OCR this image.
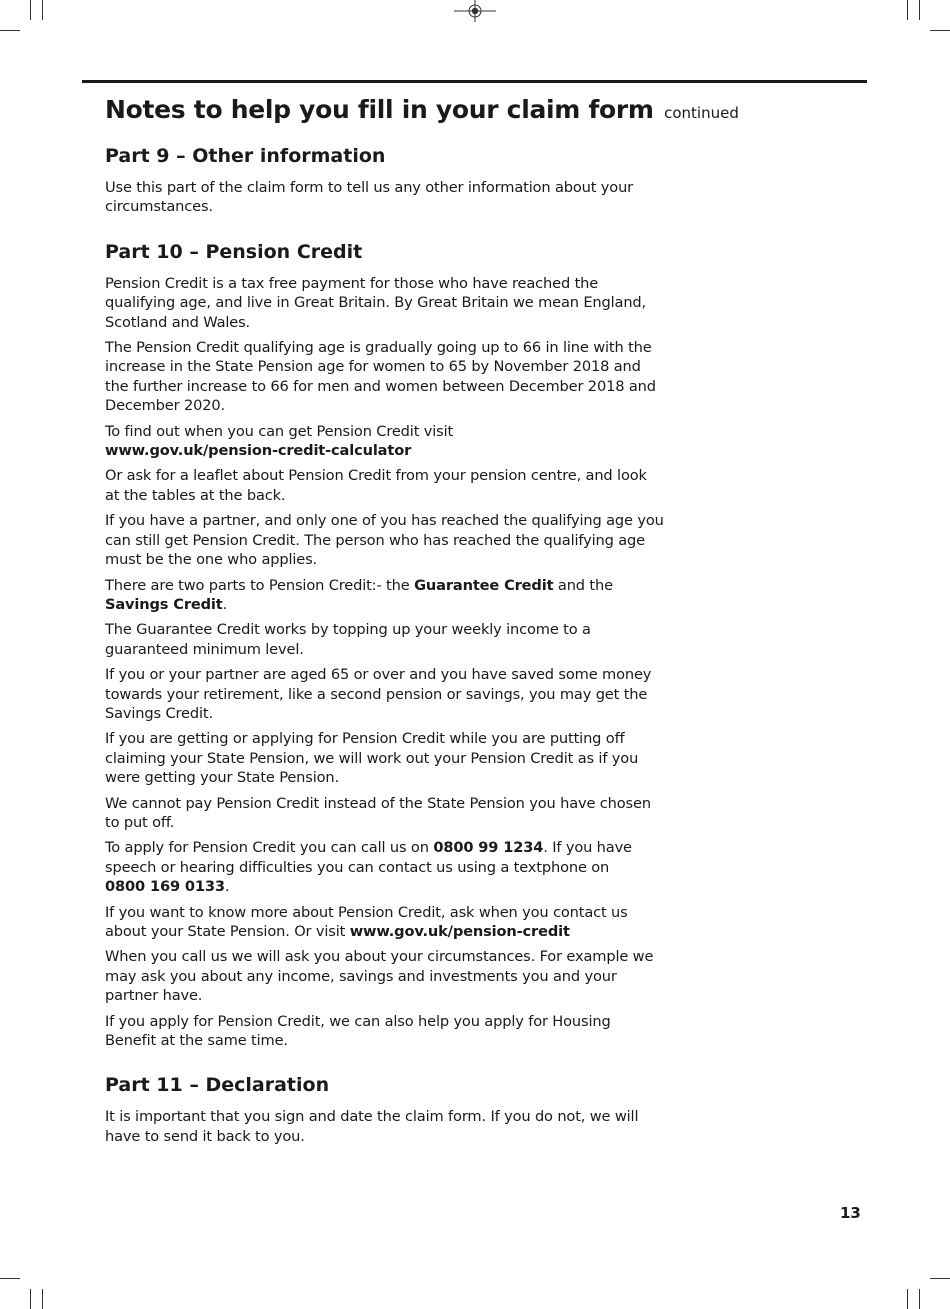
Notes to help you fill in your claim form continued
Part 9 – Other information

Use this part of the claim form to tell us any other information about your circumstances.

Part 10 – Pension Credit

Pension Credit is a tax free payment for those who have reached the qualifying age, and live in Great Britain. By Great Britain we mean England, Scotland and Wales.

The Pension Credit qualifying age is gradually going up to 66 in line with the increase in the State Pension age for women to 65 by November 2018 and the further increase to 66 for men and women between December 2018 and December 2020.

To find out when you can get Pension Credit visit
www.gov.uk/pension-credit-calculator

Or ask for a leaflet about Pension Credit from your pension centre, and look at the tables at the back.

If you have a partner, and only one of you has reached the qualifying age you can still get Pension Credit. The person who has reached the qualifying age must be the one who applies.

There are two parts to Pension Credit:- the Guarantee Credit and the
Savings Credit.

The Guarantee Credit works by topping up your weekly income to a guaranteed minimum level.

If you or your partner are aged 65 or over and you have saved some money towards your retirement, like a second pension or savings, you may get the Savings Credit.

If you are getting or applying for Pension Credit while you are putting off claiming your State Pension, we will work out your Pension Credit as if you were getting your State Pension.

We cannot pay Pension Credit instead of the State Pension you have chosen to put off.

To apply for Pension Credit you can call us on 0800 99 1234. If you have speech or hearing difficulties you can contact us using a textphone on
0800 169 0133.

If you want to know more about Pension Credit, ask when you contact us about your State Pension. Or visit www.gov.uk/pension-credit

When you call us we will ask you about your circumstances. For example we may ask you about any income, savings and investments you and your partner have.

If you apply for Pension Credit, we can also help you apply for Housing Benefit at the same time.

Part 11 – Declaration

It is important that you sign and date the claim form. If you do not, we will have to send it back to you.

13
